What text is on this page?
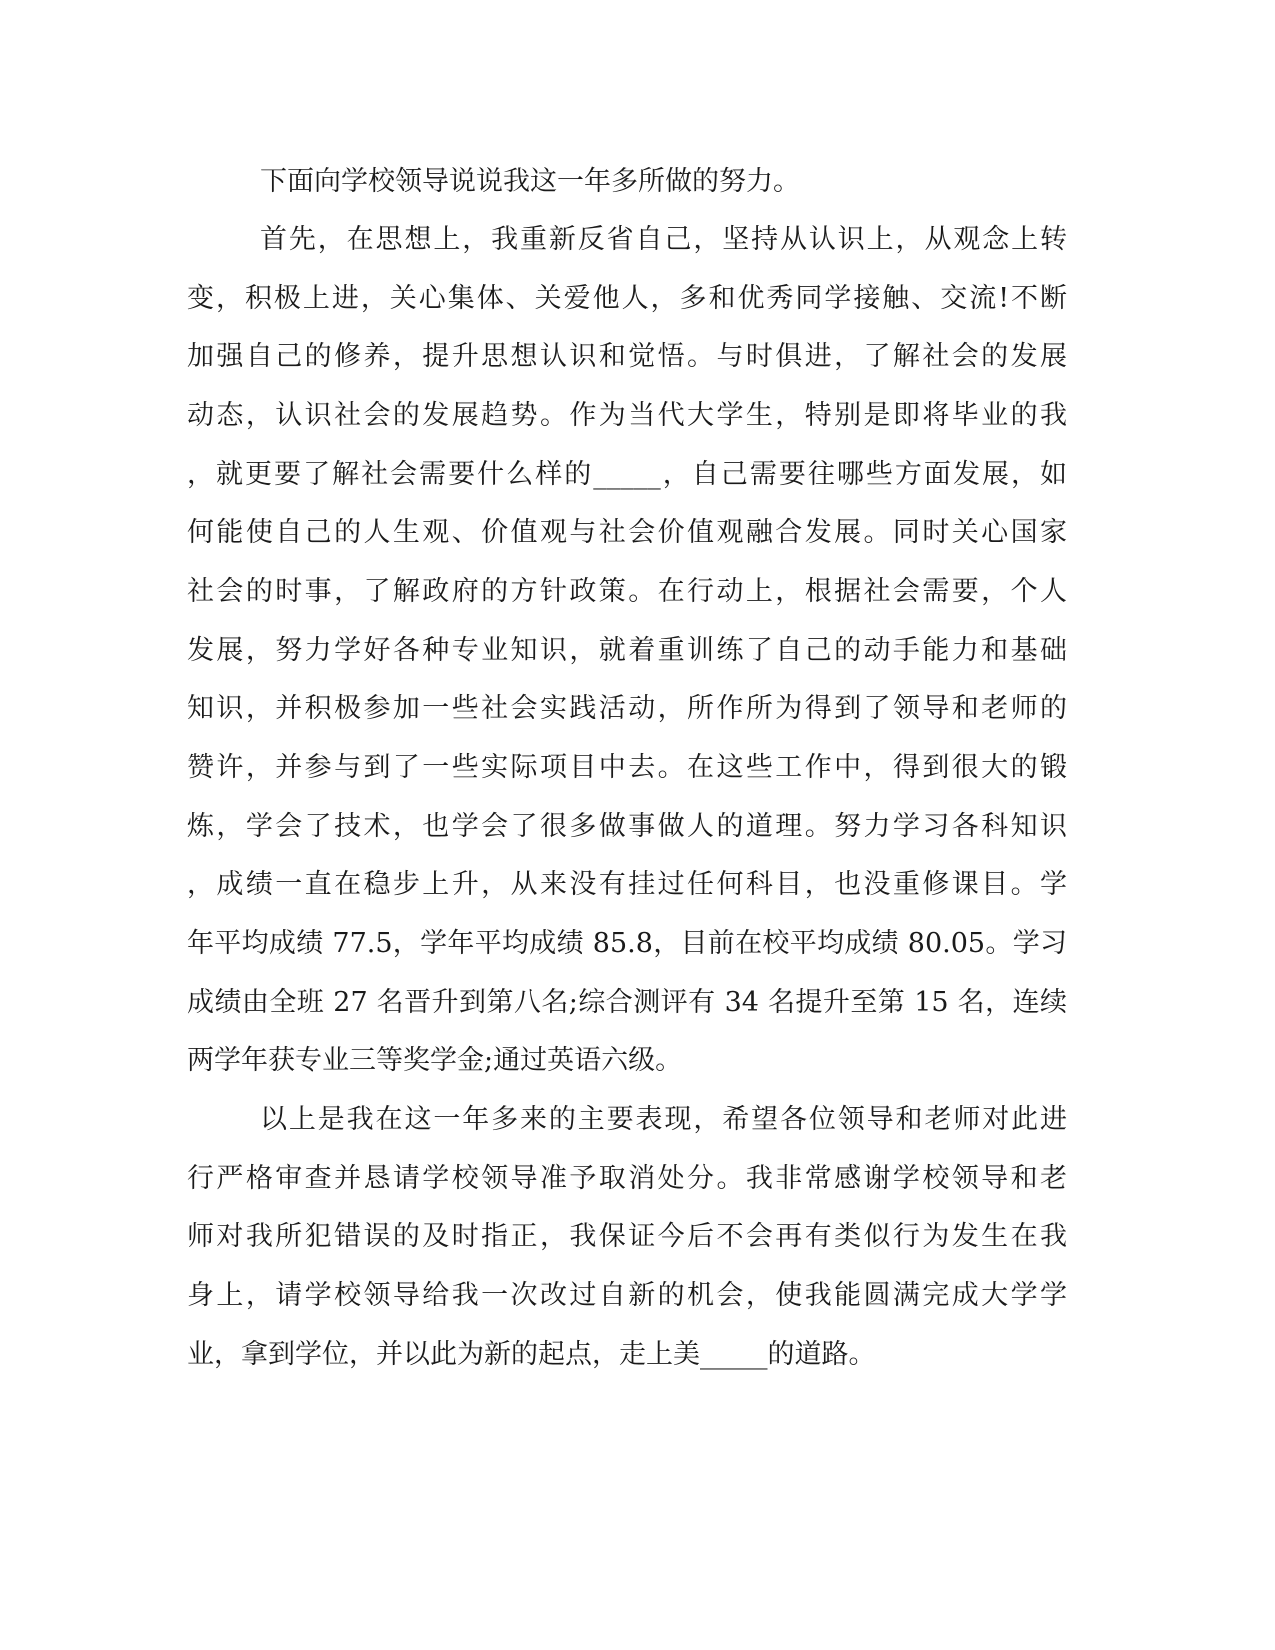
下面向学校领导说说我这一年多所做的努力。
首先，在思想上，我重新反省自己，坚持从认识上，从观念上转
变，积极上进，关心集体、关爱他人，多和优秀同学接触、交流!不断
加强自己的修养，提升思想认识和觉悟。与时俱进，了解社会的发展
动态，认识社会的发展趋势。作为当代大学生，特别是即将毕业的我
，就更要了解社会需要什么样的_____，自己需要往哪些方面发展，如
何能使自己的人生观、价值观与社会价值观融合发展。同时关心国家
社会的时事，了解政府的方针政策。在行动上，根据社会需要，个人
发展，努力学好各种专业知识，就着重训练了自己的动手能力和基础
知识，并积极参加一些社会实践活动，所作所为得到了领导和老师的
赞许，并参与到了一些实际项目中去。在这些工作中，得到很大的锻
炼，学会了技术，也学会了很多做事做人的道理。努力学习各科知识
，成绩一直在稳步上升，从来没有挂过任何科目，也没重修课目。学
年平均成绩 77.5，学年平均成绩 85.8，目前在校平均成绩 80.05。学习
成绩由全班 27 名晋升到第八名;综合测评有 34 名提升至第 15 名，连续
两学年获专业三等奖学金;通过英语六级。
以上是我在这一年多来的主要表现，希望各位领导和老师对此进
行严格审查并恳请学校领导准予取消处分。我非常感谢学校领导和老
师对我所犯错误的及时指正，我保证今后不会再有类似行为发生在我
身上，请学校领导给我一次改过自新的机会，使我能圆满完成大学学
业，拿到学位，并以此为新的起点，走上美_____的道路。
